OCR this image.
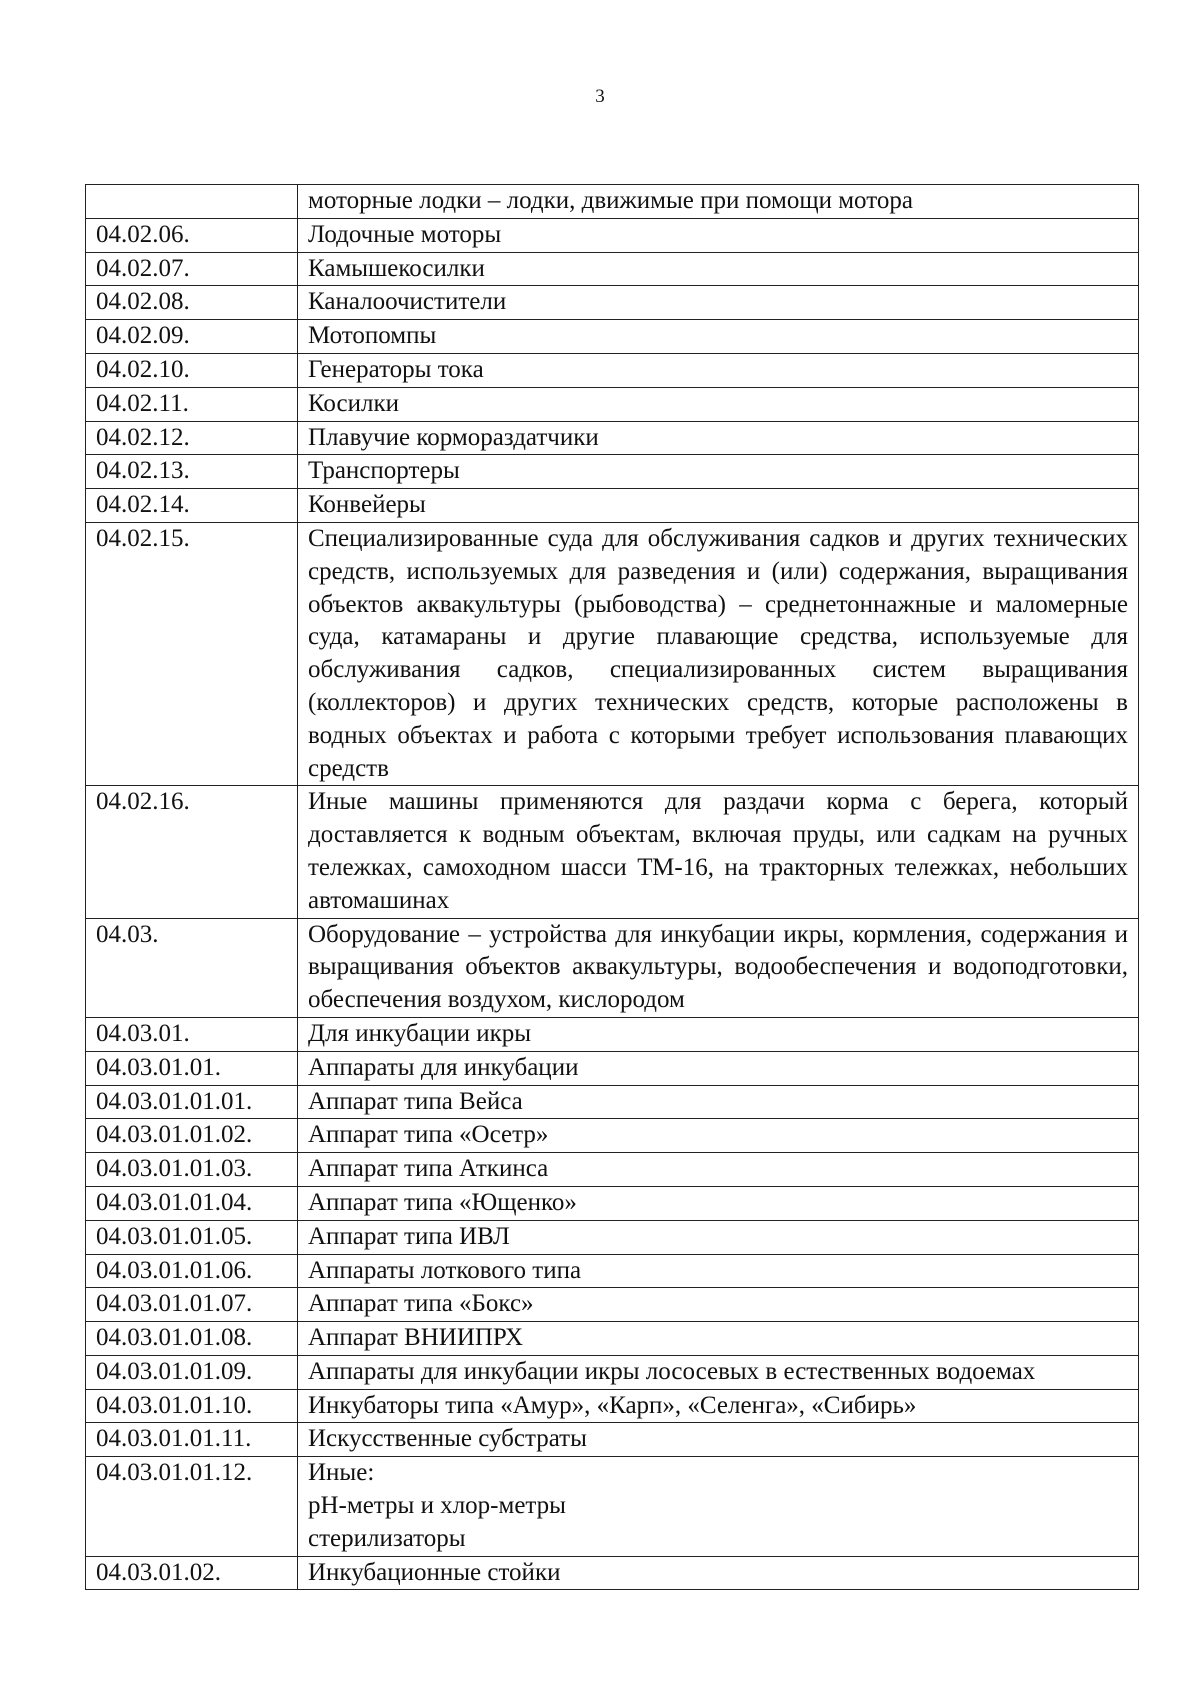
3

	моторные лодки – лодки, движимые при помощи мотора

04.02.06.	Лодочные моторы

04.02.07.	Камышекосилки

04.02.08.	Каналоочистители

04.02.09.	Мотопомпы

04.02.10.	Генераторы тока

04.02.11.	Косилки

04.02.12.	Плавучие кормораздатчики

04.02.13.	Транспортеры

04.02.14.	Конвейеры

04.02.15.	Специализированные суда для обслуживания садков и других технических средств, используемых для разведения и (или) содержания, выращивания объектов аквакультуры (рыбоводства) – среднетоннажные и маломерные суда, катамараны и другие плавающие средства, используемые для обслуживания садков, специализированных систем выращивания (коллекторов) и других технических средств, которые расположены в водных объектах и работа с которыми требует использования плавающих средств

04.02.16.	Иные машины применяются для раздачи корма с берега, который доставляется к водным объектам, включая пруды, или садкам на ручных тележках, самоходном шасси ТМ-16, на тракторных тележках, небольших автомашинах

04.03.	Оборудование – устройства для инкубации икры, кормления, содержания и выращивания объектов аквакультуры, водообеспечения и водоподготовки, обеспечения воздухом, кислородом

04.03.01.	Для инкубации икры

04.03.01.01.	Аппараты для инкубации

04.03.01.01.01.	Аппарат типа Вейса

04.03.01.01.02.	Аппарат типа «Осетр»

04.03.01.01.03.	Аппарат типа Аткинса

04.03.01.01.04.	Аппарат типа «Ющенко»

04.03.01.01.05.	Аппарат типа ИВЛ

04.03.01.01.06.	Аппараты лоткового типа

04.03.01.01.07.	Аппарат типа «Бокс»

04.03.01.01.08.	Аппарат ВНИИПРХ

04.03.01.01.09.	Аппараты для инкубации икры лососевых в естественных водоемах

04.03.01.01.10.	Инкубаторы типа «Амур», «Карп», «Селенга», «Сибирь»

04.03.01.01.11.	Искусственные субстраты

04.03.01.01.12.	Иные:
рН-метры и хлор-метры
стерилизаторы

04.03.01.02.	Инкубационные стойки
